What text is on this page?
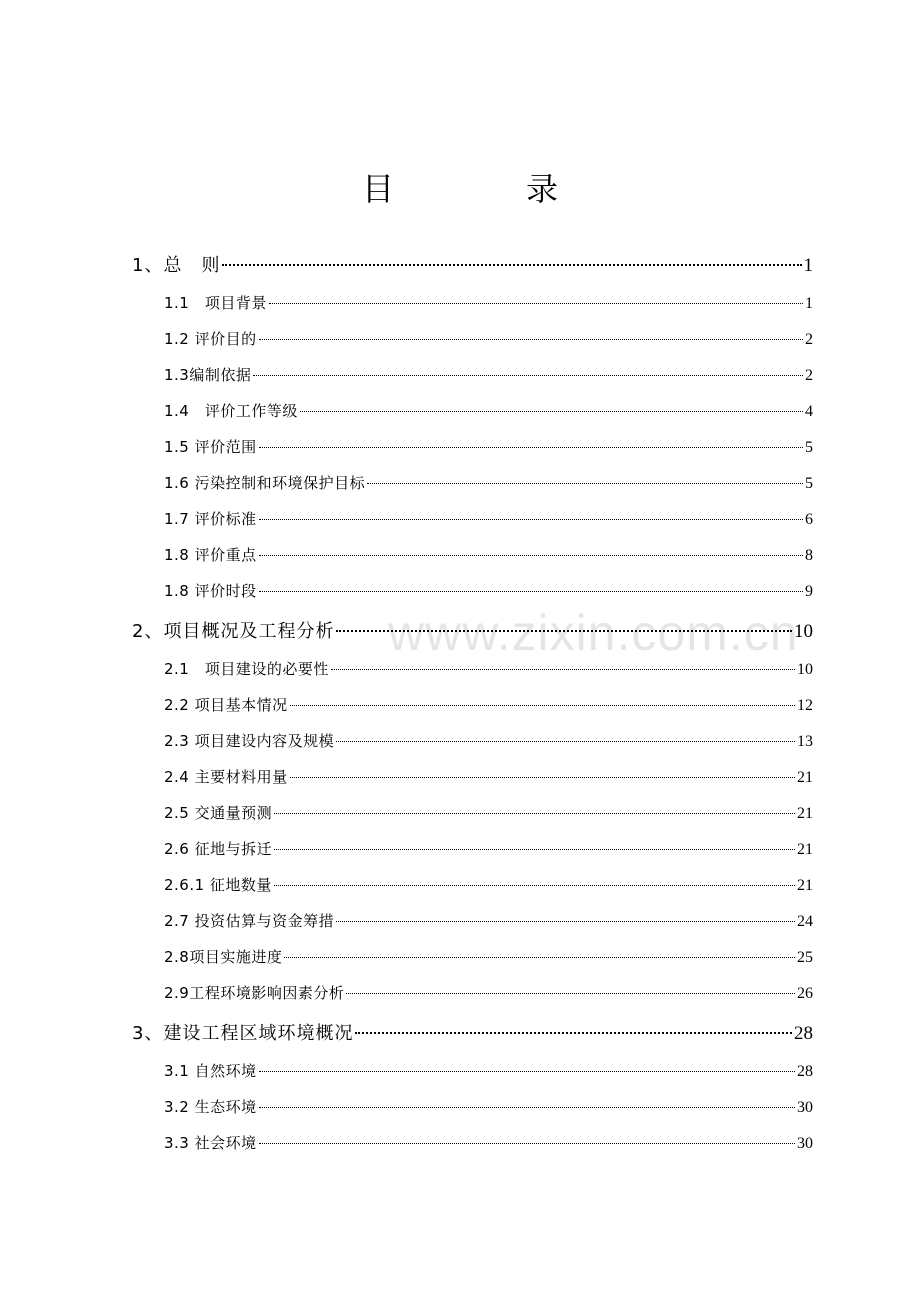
目　录
1、总　则	1
1.1　项目背景	1
1.2 评价目的	2
1.3编制依据	2
1.4　评价工作等级	4
1.5 评价范围	5
1.6 污染控制和环境保护目标	5
1.7 评价标准	6
1.8 评价重点	8
1.8 评价时段	9
2、项目概况及工程分析	10
2.1　项目建设的必要性	10
2.2 项目基本情况	12
2.3 项目建设内容及规模	13
2.4 主要材料用量	21
2.5 交通量预测	21
2.6 征地与拆迁	21
2.6.1 征地数量	21
2.7 投资估算与资金筹措	24
2.8项目实施进度	25
2.9工程环境影响因素分析	26
3、建设工程区域环境概况	28
3.1 自然环境	28
3.2 生态环境	30
3.3 社会环境	30
www.zixin.com.cn
